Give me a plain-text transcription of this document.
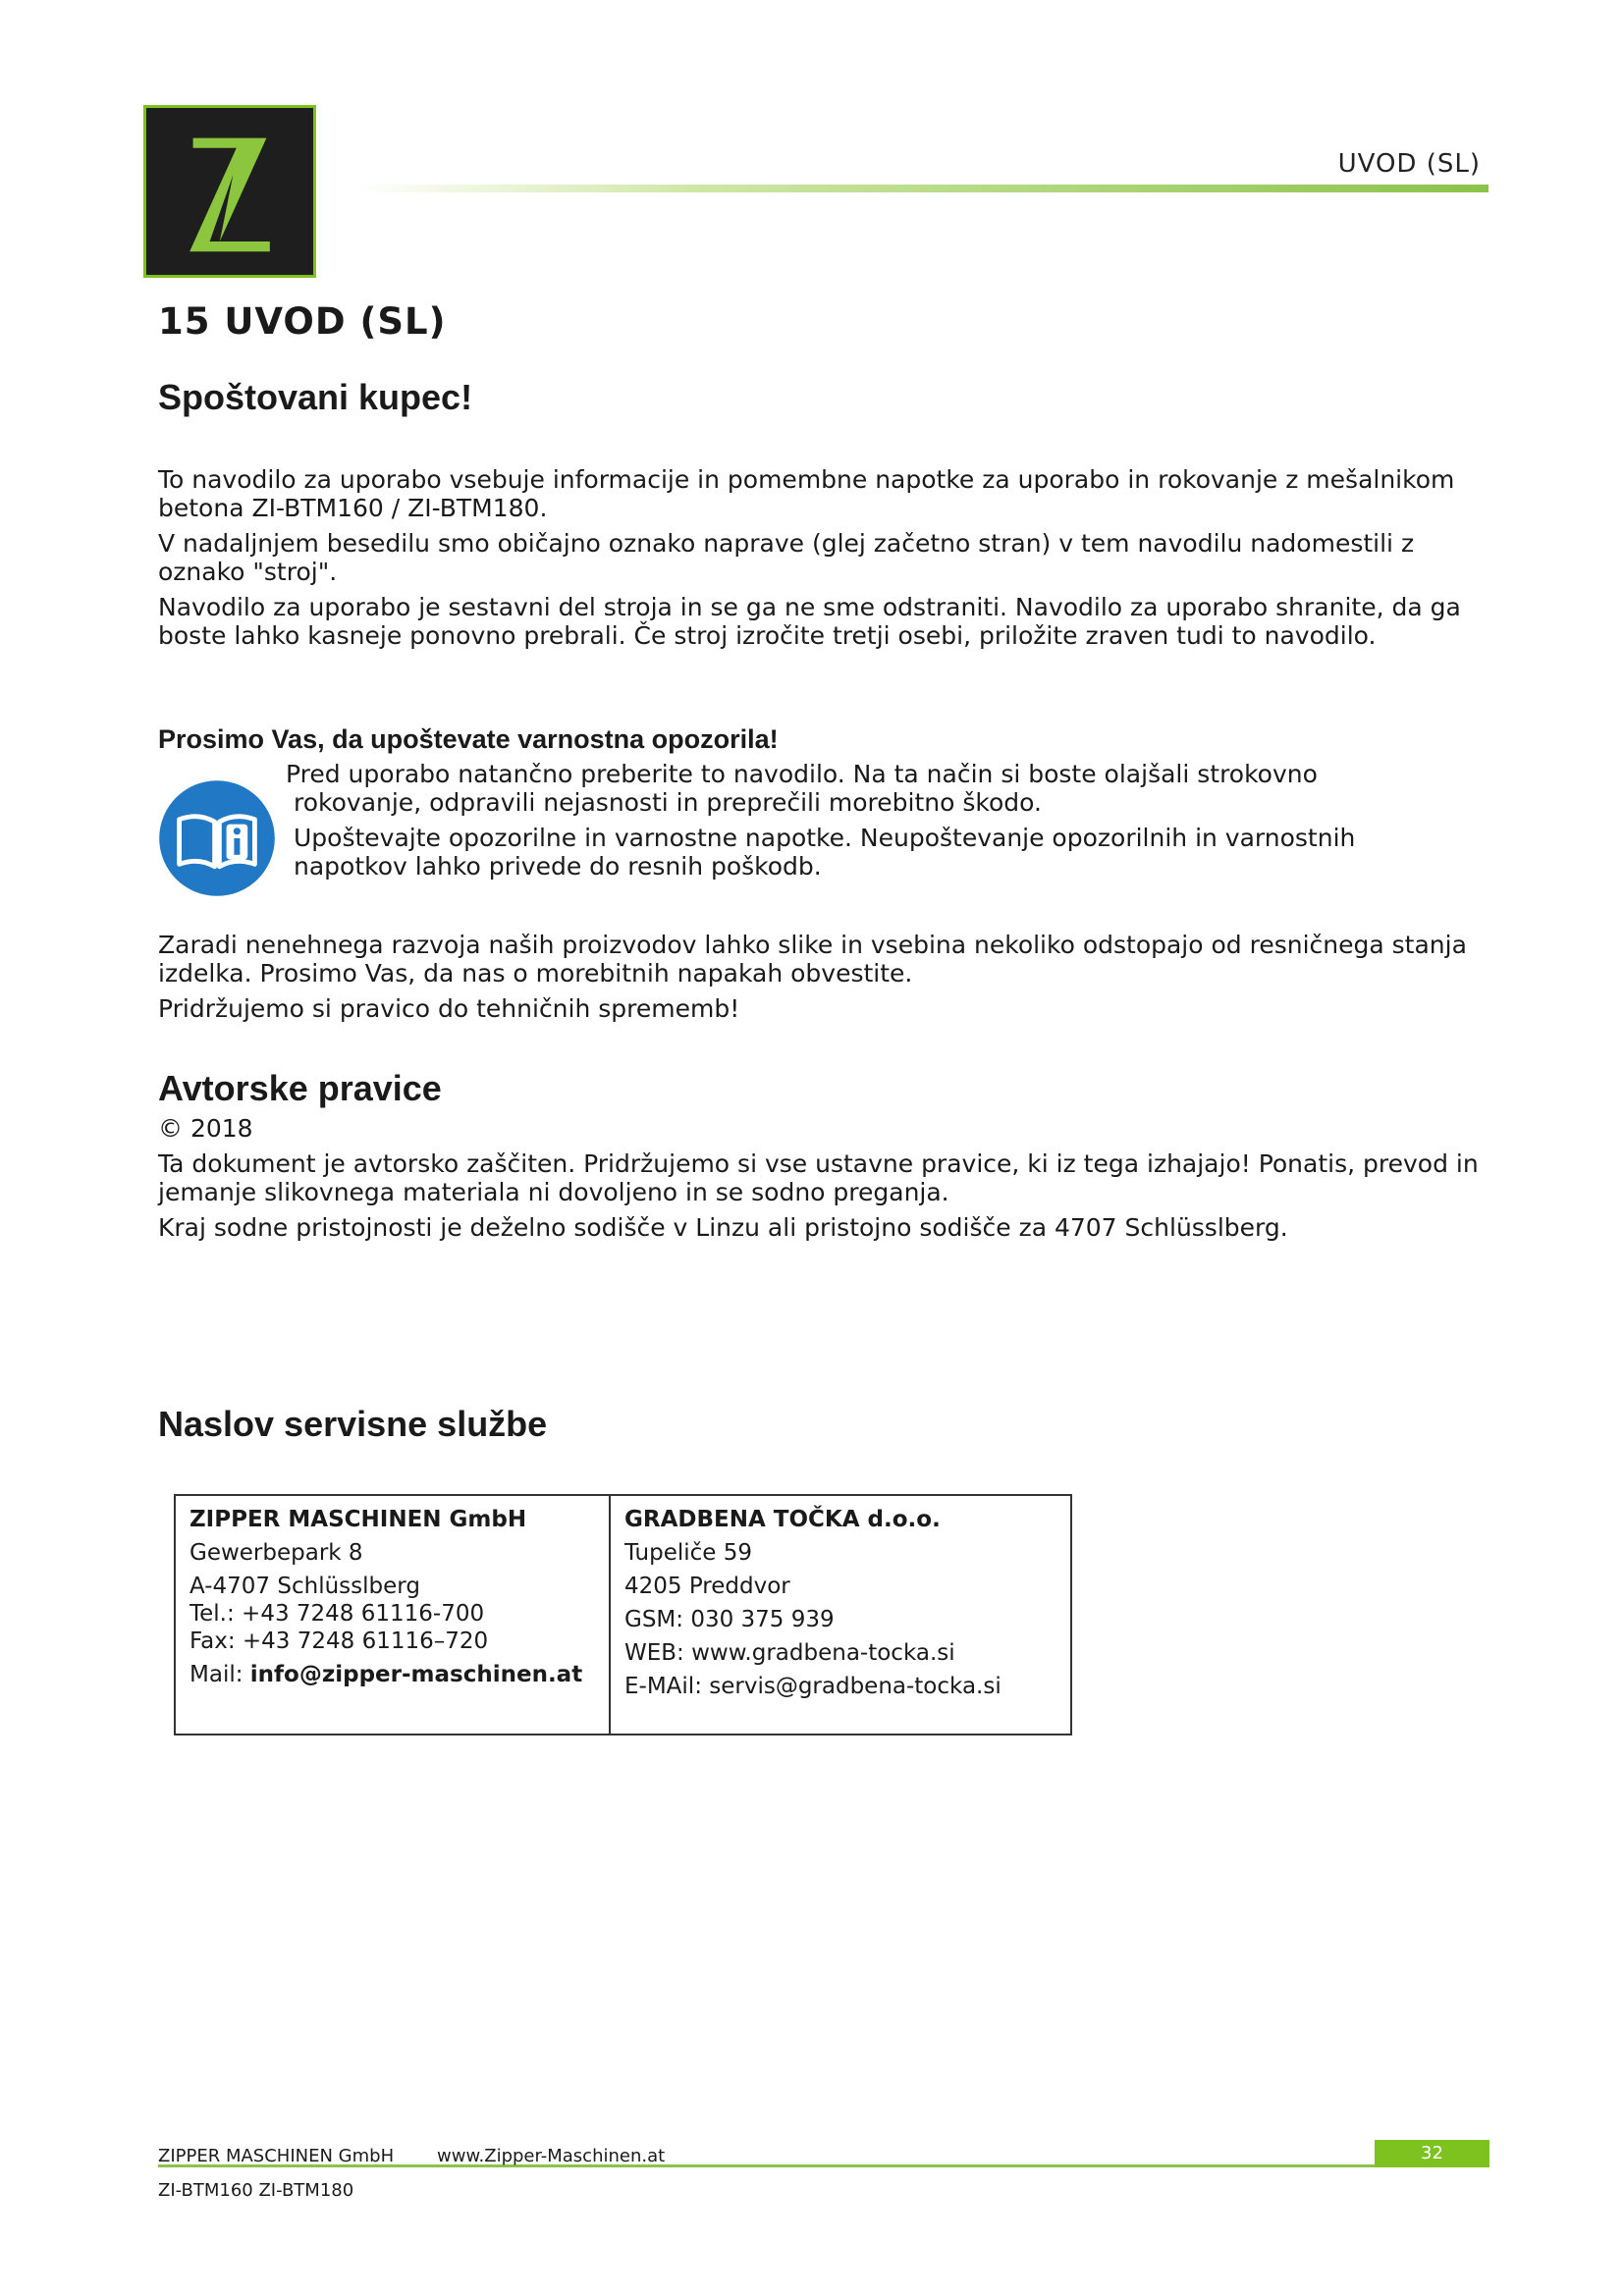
UVOD (SL)
15 UVOD (SL)
Spoštovani kupec!

To navodilo za uporabo vsebuje informacije in pomembne napotke za uporabo in rokovanje z mešalnikom betona ZI-BTM160 / ZI-BTM180.

V nadaljnjem besedilu smo običajno oznako naprave (glej začetno stran) v tem navodilu nadomestili z oznako "stroj".

Navodilo za uporabo je sestavni del stroja in se ga ne sme odstraniti. Navodilo za uporabo shranite, da ga boste lahko kasneje ponovno prebrali. Če stroj izročite tretji osebi, priložite zraven tudi to navodilo.

Prosimo Vas, da upoštevate varnostna opozorila!

Pred uporabo natančno preberite to navodilo. Na ta način si boste olajšali strokovno
rokovanje, odpravili nejasnosti in preprečili morebitno škodo.

Upoštevajte opozorilne in varnostne napotke. Neupoštevanje opozorilnih in varnostnih
napotkov lahko privede do resnih poškodb.

Zaradi nenehnega razvoja naših proizvodov lahko slike in vsebina nekoliko odstopajo od resničnega stanja izdelka. Prosimo Vas, da nas o morebitnih napakah obvestite.

Pridržujemo si pravico do tehničnih sprememb!

Avtorske pravice

© 2018

Ta dokument je avtorsko zaščiten. Pridržujemo si vse ustavne pravice, ki iz tega izhajajo! Ponatis, prevod in jemanje slikovnega materiala ni dovoljeno in se sodno preganja.

Kraj sodne pristojnosti je deželno sodišče v Linzu ali pristojno sodišče za 4707 Schlüsslberg.

Naslov servisne službe
ZIPPER MASCHINEN GmbH
Gewerbepark 8
A-4707 Schlüsslberg
Tel.: +43 7248 61116-700
Fax: +43 7248 61116–720
Mail: info@zipper-maschinen.at
GRADBENA TOČKA d.o.o.
Tupeliče 59
4205 Preddvor
GSM: 030 375 939
WEB: www.gradbena-tocka.si
E-MAil: servis@gradbena-tocka.si
32
ZIPPER MASCHINEN GmbH www.Zipper-Maschinen.at
ZI-BTM160 ZI-BTM180
